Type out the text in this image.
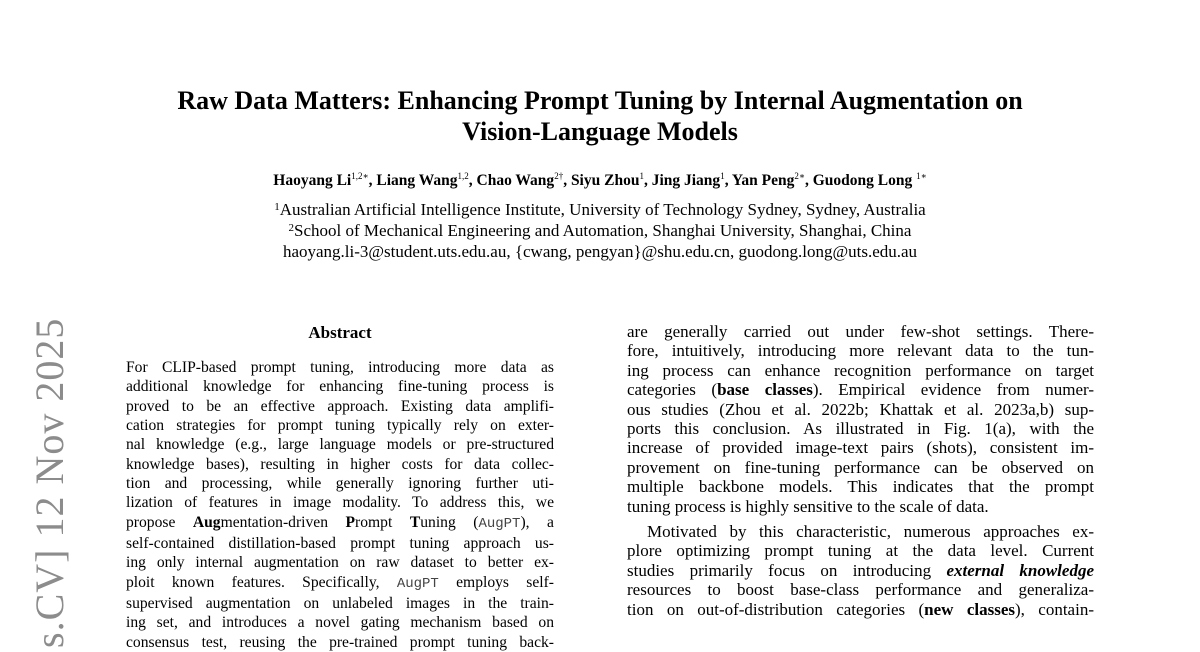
s.CV] 12 Nov 2025
Raw Data Matters: Enhancing Prompt Tuning by Internal Augmentation on
Vision-Language Models
Haoyang $Li^{1,2∗}$, Liang Wang$^{1,2}$, Chao Wang$^{2\dagger}$, Siyu Zhou$^1$, Jing Jiang$^1$, Yan Peng$^{2∗}$, Guodong Long $^{1∗}$
$^1$Australian Artificial Intelligence Institute, University of Technology Sydney, Sydney, Australia
$^2$School of Mechanical Engineering and Automation, Shanghai University, Shanghai, China
haoyang.li-3@student.uts.edu.au, {cwang, pengyan}@shu.edu.cn, guodong.long@uts.edu.au
Abstract
For CLIP-based prompt tuning, introducing more data as
additional knowledge for enhancing fine-tuning process is
proved to be an effective approach. Existing data amplifi-
cation strategies for prompt tuning typically rely on exter-
nal knowledge (e.g., large language models or pre-structured
knowledge bases), resulting in higher costs for data collec-
tion and processing, while generally ignoring further uti-
lization of features in image modality. To address this, we
propose Augmentation-driven Prompt Tuning (AugPT), a
self-contained distillation-based prompt tuning approach us-
ing only internal augmentation on raw dataset to better ex-
ploit known features. Specifically, AugPT employs self-
supervised augmentation on unlabeled images in the train-
ing set, and introduces a novel gating mechanism based on
consensus test, reusing the pre-trained prompt tuning back-
are generally carried out under few-shot settings. There-
fore, intuitively, introducing more relevant data to the tun-
ing process can enhance recognition performance on target
categories (base classes). Empirical evidence from numer-
ous studies (Zhou et al. 2022b; Khattak et al. 2023a,b) sup-
ports this conclusion. As illustrated in Fig. 1(a), with the
increase of provided image-text pairs (shots), consistent im-
provement on fine-tuning performance can be observed on
multiple backbone models. This indicates that the prompt
tuning process is highly sensitive to the scale of data.
Motivated by this characteristic, numerous approaches ex-
plore optimizing prompt tuning at the data level. Current
studies primarily focus on introducing external knowledge
resources to boost base-class performance and generaliza-
tion on out-of-distribution categories (new classes), contain-
